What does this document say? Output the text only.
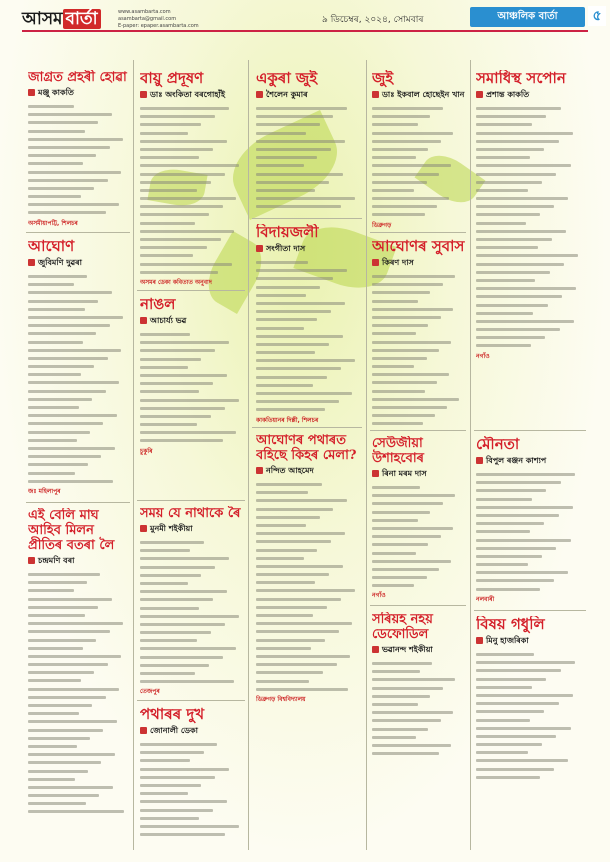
আসম বাৰ্তা	www.asambarta.com
asambarta@gmail.com
E-paper: epaper.asambarta.com
৯ ডিচেম্বৰ, ২০২৪, সোমবাৰ	আঞ্চলিক বাৰ্তা	৫
জাগ্ৰত প্ৰহৰী হোৱা
মঞ্জু কাকতি
অসমীয়াপট্টি, শিলচৰ
আঘোণ
জুবিমণি দুৱৰা
জঃ মহিলাপুৰ
এই বেলি মাঘ আহিব মিলন প্ৰীতিৰ বতৰা লৈ
চন্দ্ৰমণি বৰা
বায়ু প্ৰদূষণ
ডাঃ অংকিতা বৰগোহাঁই
অসমৰ ডেকা কবিতাত অনুবাদ
নাঙল
আচাৰ্য্য ভৱ
চুকুৰি
সময় যে নাথাকে ৰৈ
মুনমী শইকীয়া
তেজপুৰ
পথাৰৰ দুখ
জোনালী ডেকা
একুৰা জুই
শৈলেন কুমাৰ
বিদায়জলী
সংগীতা দাস
কাকতিয়ানৰ দিল্লী, শিলচৰ
আঘোণৰ পথাৰত বহিছে কিহৰ মেলা?
নন্দিত আহমেদ
ডিব্ৰুগড় বিশ্ববিদ্যালয়
জুই
ডাঃ ইকবাল হোছেইন খান
ডিব্ৰুগড়
আঘোণৰ সুবাস
কিৰণ দাস
সেউজীয়া উশাহবোৰ
ৰিনা মৰম দাস
নগাঁও
সৰিয়হ নহয় ডেফোডিল
ভৱানন্দ শইকীয়া
সমাধিস্থ সপোন
প্ৰশান্ত কাকতি
নগাঁও
মৌনতা
বিপুল ৰঞ্জন কাশ্যপ
নলবাৰী
বিষয় গধুলি
মিনু হাজৰিকা
